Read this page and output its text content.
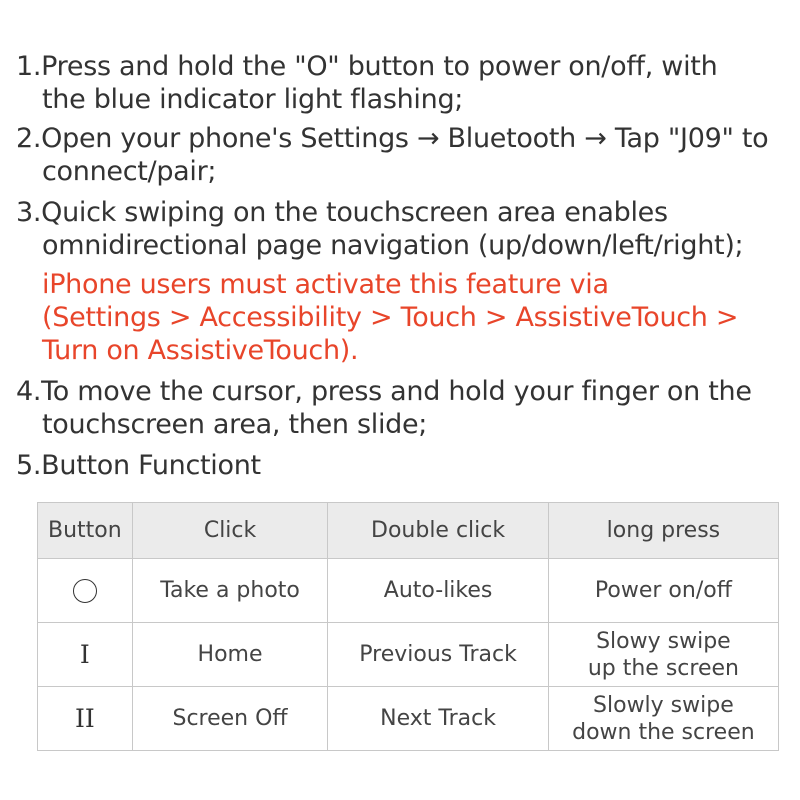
1. Press and hold the "O" button to power on/off, with
the blue indicator light flashing;
2. Open your phone's Settings → Bluetooth → Tap "J09" to
connect/pair;
3. Quick swiping on the touchscreen area enables
omnidirectional page navigation (up/down/left/right);
iPhone users must activate this feature via
(Settings > Accessibility > Touch > AssistiveTouch >
Turn on AssistiveTouch).
4. To move the cursor, press and hold your finger on the
touchscreen area, then slide;
5. Button Functiont
Button	Click	Double click	long press
	Take a photo	Auto-likes	Power on/off
I	Home	Previous Track	Slowy swipe
up the screen
II	Screen Off	Next Track	Slowly swipe
down the screen
